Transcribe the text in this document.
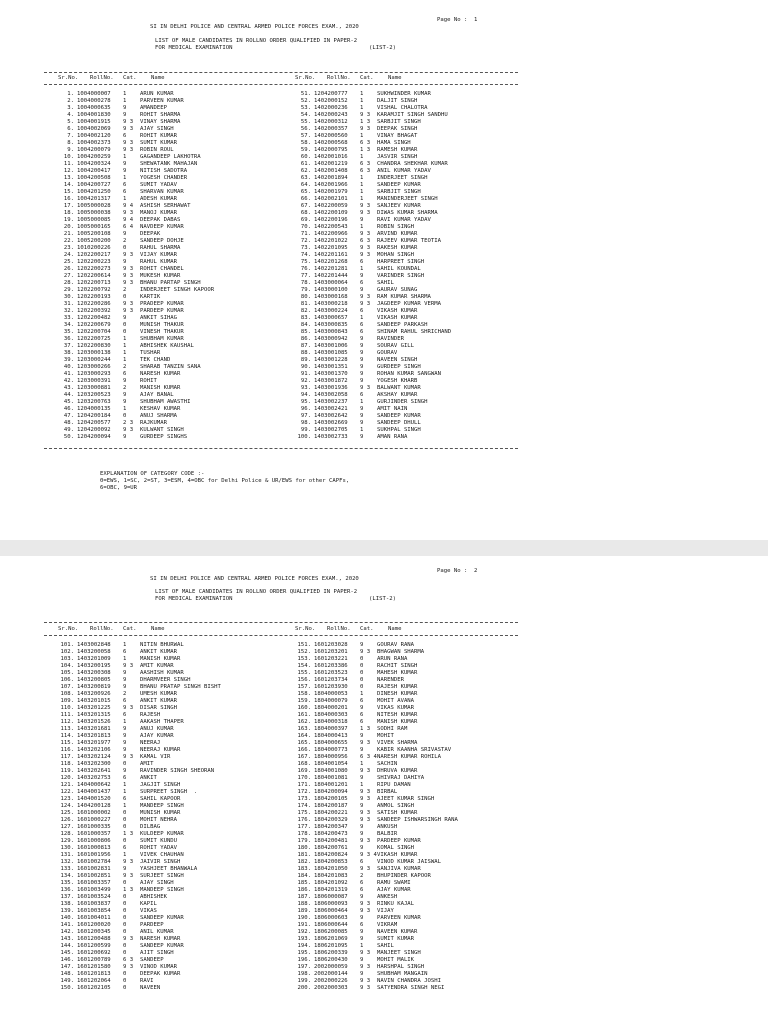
Page No :  1
SI IN DELHI POLICE AND CENTRAL ARMED POLICE FORCES EXAM., 2020
LIST OF MALE CANDIDATES IN ROLLNO ORDER QUALIFIED IN PAPER-2
FOR MEDICAL EXAMINATION	(LIST-2)
Sr.No. RollNo. Cat.	Name	Sr.No. RollNo. Cat.	Name
1. 1004000007 1 ARUN KUMAR	51. 1204200777 1 SUKHWINDER KUMAR
2. 1004000278 1 PARVEEN KUMAR	52. 1402000152 1 DALJIT SINGH
3. 1004000635 9 AMANDEEP	53. 1402000236 1 VISHAL CHALOTRA
4. 1004001830 9 ROHIT SHARMA	54. 1402000243 9 3 KARAMJIT SINGH SANDHU
5. 1004001915 9 3 VINAY SHARMA	55. 1402000312 1 3 SARBJIT SINGH
6. 1004002069 9 3 AJAY SINGH	56. 1402000357 9 3 DEEPAK SINGH
7. 1004002120 6 ROHIT KUMAR	57. 1402000560 1 VINAY BHAGAT
8. 1004002373 9 3 SUMIT KUMAR	58. 1402000568 6 3 HAMA SINGH
9. 1004200079 9 3 ROBIN ROUL	59. 1402000795 1 3 RAMESH KUMAR
10. 1004200259 1 GAGANDEEP LAKHOTRA	60. 1402001016 1 JASVIR SINGH
11. 1004200324 9 SHEWATANK MAHAJAN	61. 1402001219 6 3 CHANDRA SHEKHAR KUMAR
12. 1004200417 9 NITISH SADOTRA	62. 1402001408 6 3 ANIL KUMAR YADAV
13. 1004200508 1 YOGESH CHANDER	63. 1402001894 1 INDERJEET SINGH
14. 1004200727 6 SUMIT YADAV	64. 1402001966 1 SANDEEP KUMAR
15. 1004201250 6 SHARVAN KUMAR	65. 1402001979 1 SARBJIT SINGH
16. 1004201317 1 ADESH KUMAR	66. 1402002101 1 MANINDERJEET SINGH
17. 1005000028 9 4 ASHISH SERHAWAT	67. 1402200059 9 3 SANJEEV KUMAR
18. 1005000038 9 3 MANOJ KUMAR	68. 1402200109 9 3 DIWAS KUMAR SHARMA
19. 1005000085 9 4 DEEPAK DABAS	69. 1402200196 9 RAVI KUMAR YADAV
20. 1005000165 6 4 NAVDEEP KUMAR	70. 1402200543 1 ROBIN SINGH
21. 1005200108 9 DEEPAK	71. 1402200966 9 3 ARVIND KUMAR
22. 1005200200 2 SANDEEP DOHJE	72. 1402201022 6 3 RAJEEV KUMAR TEOTIA
23. 1010200226 0 RAHUL SHARMA	73. 1402201095 9 3 RAKESH KUMAR
24. 1202200217 9 3 VIJAY KUMAR	74. 1402201161 9 3 MOHAN SINGH
25. 1202200223 9 RAHUL KUMAR	75. 1402201268 6 HARPREET SINGH
26. 1202200273 9 3 ROHIT CHANDEL	76. 1402201281 1 SAHIL KOUNDAL
27. 1202200614 9 3 MUKESH KUMAR	77. 1402201444 9 VARINDER SINGH
28. 1202200713 9 3 BHANU PARTAP SINGH	78. 1403000064 6 SAHIL
29. 1202200792 2 INDERJEET SINGH KAPOOR	79. 1403000100 9 GAURAV SUNAG
30. 1202200193 0 KARTIK	80. 1403000168 9 3 RAM KUMAR SHARMA
31. 1202200286 9 3 PRADEEP KUMAR	81. 1403000218 9 3 JAGDEEP KUMAR VERMA
32. 1202200392 9 3 PARDEEP KUMAR	82. 1403000224 6 VIKASH KUMAR
33. 1202200482 9 ANKIT SIHAG	83. 1403000657 1 VIKASH KUMAR
34. 1202200679 0 MUNISH THAKUR	84. 1403000835 6 SANDEEP PARKASH
35. 1202200704 0 VINESH THAKUR	85. 1403000843 6 SHINAM RAHUL SHRICHAND
36. 1202200725 1 SHUBHAM KUMAR	86. 1403000942 9 RAVINDER
37. 1202200830 1 ABHISHEK KAUSHAL	87. 1403001006 9 SOURAV GILL
38. 1203000138 1 TUSHAR	88. 1403001085 9 GOURAV
39. 1203000244 1 TEK CHAND	89. 1403001228 9 NAVEEN SINGH
40. 1203000266 2 SHARAB TANZIN SANA	90. 1403001351 9 GURDEEP SINGH
41. 1203000293 6 NARESH KUMAR	91. 1403001370 9 ROHAN KUMAR SANGWAN
42. 1203000391 9 ROHIT	92. 1403001872 9 YOGESH KHARB
43. 1203000881 2 MANISH KUMAR	93. 1403001936 9 3 BALWANT KUMAR
44. 1203200523 9 AJAY BANAL	94. 1403002058 6 AKSHAY KUMAR
45. 1203200763 9 SHUBHAM AWASTHI	95. 1403002237 1 GURJINDER SINGH
46. 1204000135 1 KESHAV KUMAR	96. 1403002421 9 AMIT NAIN
47. 1204200184 0 ANUJ SHARMA	97. 1403002642 9 SANDEEP KUMAR
48. 1204200577 2 3 RAJKUMAR	98. 1403002669 9 SANDEEP DHULL
49. 1204200092 9 3 KULWANT SINGH	99. 1403002705 1 SUKHPAL SINGH
50. 1204200094 9 GURDEEP SINGHS	100. 1403002733 9 AMAN RANA
EXPLANATION OF CATEGORY CODE :-
0=EWS, 1=SC, 2=ST, 3=ESM, 4=OBC for Delhi Police & UR/EWS for other CAPFs,
6=OBC, 9=UR
Page No :  2
SI IN DELHI POLICE AND CENTRAL ARMED POLICE FORCES EXAM., 2020
LIST OF MALE CANDIDATES IN ROLLNO ORDER QUALIFIED IN PAPER-2
FOR MEDICAL EXAMINATION	(LIST-2)
Sr.No. RollNo. Cat.	Name	Sr.No. RollNo. Cat.	Name
101. 1403002848 1 NITIN BHURWAL	151. 1601203028 9 GOURAV RANA
102. 1403200058 6 ANKIT KUMAR	152. 1601203201 9 3 BHAGWAN SHARMA
103. 1403201009 1 MANISH KUMAR	153. 1601203221 0 ARUN RANA
104. 1403200195 9 3 AMIT KUMAR	154. 1601203386 0 RACHIT SINGH
105. 1403200308 9 AASHISH KUMAR	155. 1601203523 0 MAHESH KUMAR
106. 1403200805 9 DHARMVEER SINGH	156. 1601203734 0 NARENDER
107. 1403200819 9 BHANU PRATAP SINGH BISHT	157. 1601203930 0 RAJESH KUMAR
108. 1403200926 2 UMESH KUMAR	158. 1804000053 1 DINESH KUMAR
109. 1403201015 6 ANKIT KUMAR	159. 1804000079 6 MOHIT AVANA
110. 1403201225 9 3 DISAR SINGH	160. 1804000201 9 VIKAS KUMAR
111. 1403201315 6 RAJESH	161. 1804000303 6 NITESH KUMAR
112. 1403201526 1 AAKASH THAPER	162. 1804000318 6 MANISH KUMAR
113. 1403201681 9 ANUJ KUMAR	163. 1804000397 1 3 SODHI RAM
114. 1403201813 9 AJAY KUMAR	164. 1804000413 9 MOHIT
115. 1403201977 9 NEERAJ	165. 1804000655 9 3 VIVEK SHARMA
116. 1403202106 9 NEERAJ KUMAR	166. 1804000773 9 KABIR KAANHA SRIVASTAV
117. 1403202124 9 3 KAMAL VIR	167. 1804000956 6 3 4 NARESH KUMAR ROHILA
118. 1403202300 0 AMIT	168. 1804001054 1 SACHIN
119. 1403202641 9 RAVINDER SINGH SHEORAN	169. 1804001080 9 3 DHRUVA KUMAR
120. 1403202753 6 ANKIT	170. 1804001081 9 SHIVRAJ DAHIYA
121. 1404000642 1 JAGJIT SINGH	171. 1804001201 1 RIPU DAMAN
122. 1404001437 1 SURPREET SINGH  .	172. 1804200094 9 3 BIRBAL
123. 1404001520 6 SAHIL KAPOOR	173. 1804200105 9 3 AJEET KUMAR SINGH
124. 1404200128 1 MANDEEP SINGH	174. 1804200187 9 ANMOL SINGH
125. 1601000002 0 MUNISH KUMAR	175. 1804200221 9 3 SATISH KUMAR
126. 1601000227 0 MOHIT NEHRA	176. 1804200329 9 3 SANDEEP ISHWARSINGH RANA
127. 1601000335 0 DILBAG	177. 1804200347 9 ANKUSH
128. 1601000357 1 3 KULDEEP KUMAR	178. 1804200473 9 BALBIR
129. 1601000806 0 SUMIT KUNDU	179. 1804200481 9 3 PARDEEP KUMAR
130. 1601000813 6 ROHIT YADAV	180. 1804200761 9 KOMAL SINGH
131. 1601001956 1 VIVEK CHAUHAN	181. 1804200824 9 3 4 VIKASH KUMAR
132. 1601002784 9 3 JAIVIR SINGH	182. 1804200853 6 VINOD KUMAR JAISWAL
133. 1601002831 9 YASHJEET BHANWALA	183. 1804201050 9 3 SANJIVA KUMAR
134. 1601002851 9 3 SURJEET SINGH	184. 1804201083 2 BHUPINDER KAPOOR
135. 1601003357 0 AJAY SINGH	185. 1804201092 6 RAMU SWAMI
136. 1601003499 1 3 MANDEEP SINGH	186. 1804201319 6 AJAY KUMAR
137. 1601003524 0 ABHISHEK	187. 1806000087 9 ANKESH
138. 1601003837 0 KAPIL	188. 1806000093 9 3 RINKU KAJAL
139. 1601003854 0 VIKAS	189. 1806000464 9 3 VIJAY
140. 1601004011 0 SANDEEP KUMAR	190. 1806000603 9 PARVEEN KUMAR
141. 1601200020 0 PARDEEP	191. 1806000644 6 VIKRAM
142. 1601200345 0 ANIL KUMAR	192. 1806200085 9 NAVEEN KUMAR
143. 1601200488 9 3 NARESH KUMAR	193. 1806201069 9 SUMIT KUMAR
144. 1601200599 0 SANDEEP KUMAR	194. 1806201095 1 SAHIL
145. 1601200692 0 AJIT SINGH	195. 1806200339 9 3 MANJEET SINGH
146. 1601200789 6 3 SANDEEP	196. 1806200430 9 MOHIT MALIK
147. 1601201580 9 3 VINOD KUMAR	197. 2002000059 9 3 HARSHPAL SINGH
148. 1601201813 0 DEEPAK KUMAR	198. 2002000144 9 SHUBHAM MANGAIN
149. 1601202064 0 RAVI	199. 2002000226 9 3 NAVIN CHANDRA JOSHI
150. 1601202105 0 NAVEEN	200. 2002000303 9 3 SATYENDRA SINGH NEGI
